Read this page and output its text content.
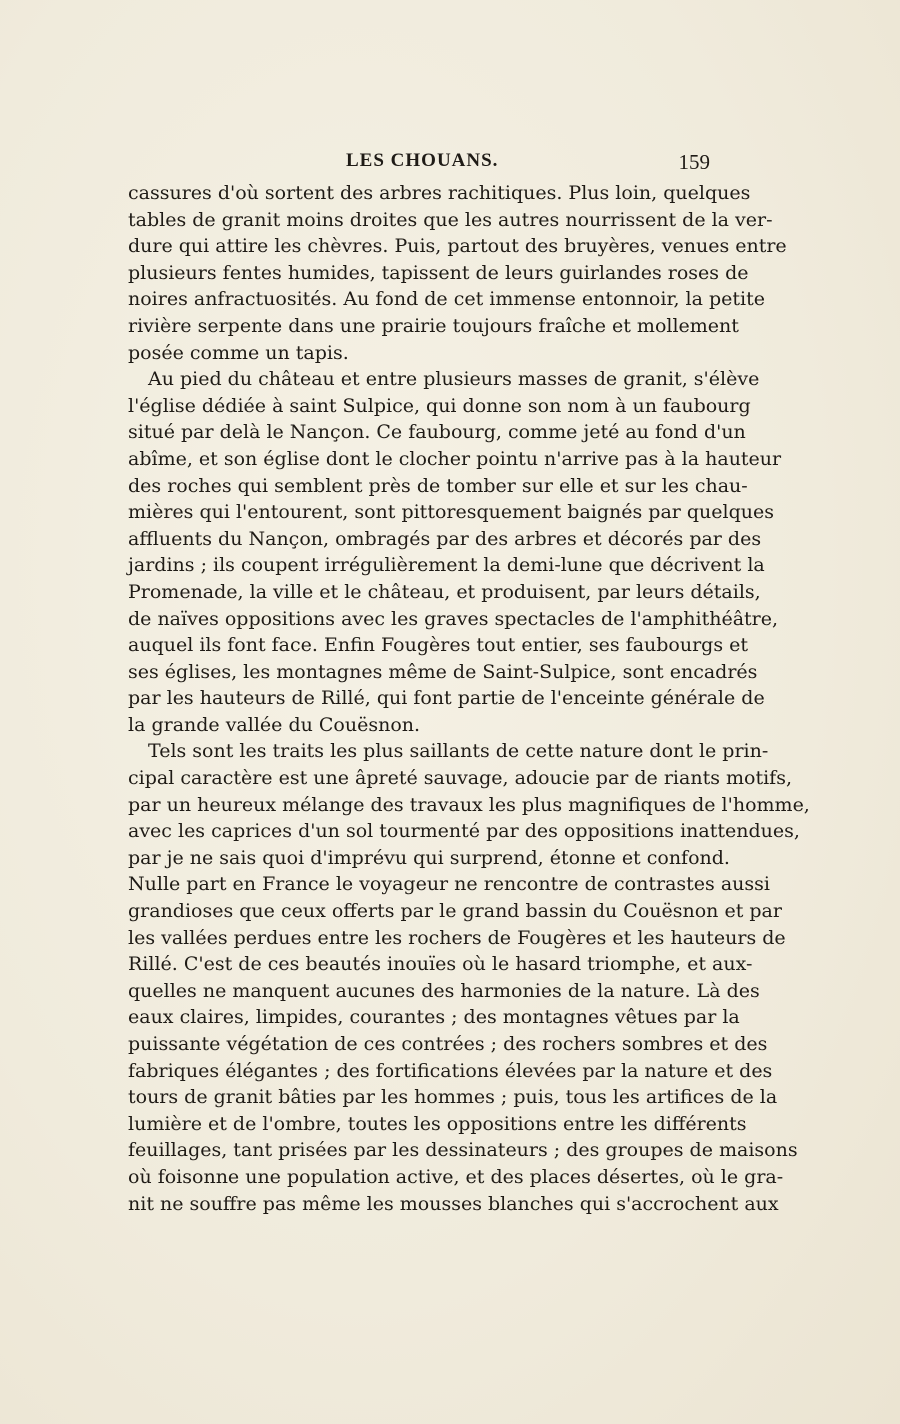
LES CHOUANS.	159
cassures d'où sortent des arbres rachitiques. Plus loin, quelques
tables de granit moins droites que les autres nourrissent de la ver-
dure qui attire les chèvres. Puis, partout des bruyères, venues entre
plusieurs fentes humides, tapissent de leurs guirlandes roses de
noires anfractuosités. Au fond de cet immense entonnoir, la petite
rivière serpente dans une prairie toujours fraîche et mollement
posée comme un tapis.
Au pied du château et entre plusieurs masses de granit, s'élève
l'église dédiée à saint Sulpice, qui donne son nom à un faubourg
situé par delà le Nançon. Ce faubourg, comme jeté au fond d'un
abîme, et son église dont le clocher pointu n'arrive pas à la hauteur
des roches qui semblent près de tomber sur elle et sur les chau-
mières qui l'entourent, sont pittoresquement baignés par quelques
affluents du Nançon, ombragés par des arbres et décorés par des
jardins ; ils coupent irrégulièrement la demi-lune que décrivent la
Promenade, la ville et le château, et produisent, par leurs détails,
de naïves oppositions avec les graves spectacles de l'amphithéâtre,
auquel ils font face. Enfin Fougères tout entier, ses faubourgs et
ses églises, les montagnes même de Saint-Sulpice, sont encadrés
par les hauteurs de Rillé, qui font partie de l'enceinte générale de
la grande vallée du Couësnon.
Tels sont les traits les plus saillants de cette nature dont le prin-
cipal caractère est une âpreté sauvage, adoucie par de riants motifs,
par un heureux mélange des travaux les plus magnifiques de l'homme,
avec les caprices d'un sol tourmenté par des oppositions inattendues,
par je ne sais quoi d'imprévu qui surprend, étonne et confond.
Nulle part en France le voyageur ne rencontre de contrastes aussi
grandioses que ceux offerts par le grand bassin du Couësnon et par
les vallées perdues entre les rochers de Fougères et les hauteurs de
Rillé. C'est de ces beautés inouïes où le hasard triomphe, et aux-
quelles ne manquent aucunes des harmonies de la nature. Là des
eaux claires, limpides, courantes ; des montagnes vêtues par la
puissante végétation de ces contrées ; des rochers sombres et des
fabriques élégantes ; des fortifications élevées par la nature et des
tours de granit bâties par les hommes ; puis, tous les artifices de la
lumière et de l'ombre, toutes les oppositions entre les différents
feuillages, tant prisées par les dessinateurs ; des groupes de maisons
où foisonne une population active, et des places désertes, où le gra-
nit ne souffre pas même les mousses blanches qui s'accrochent aux
